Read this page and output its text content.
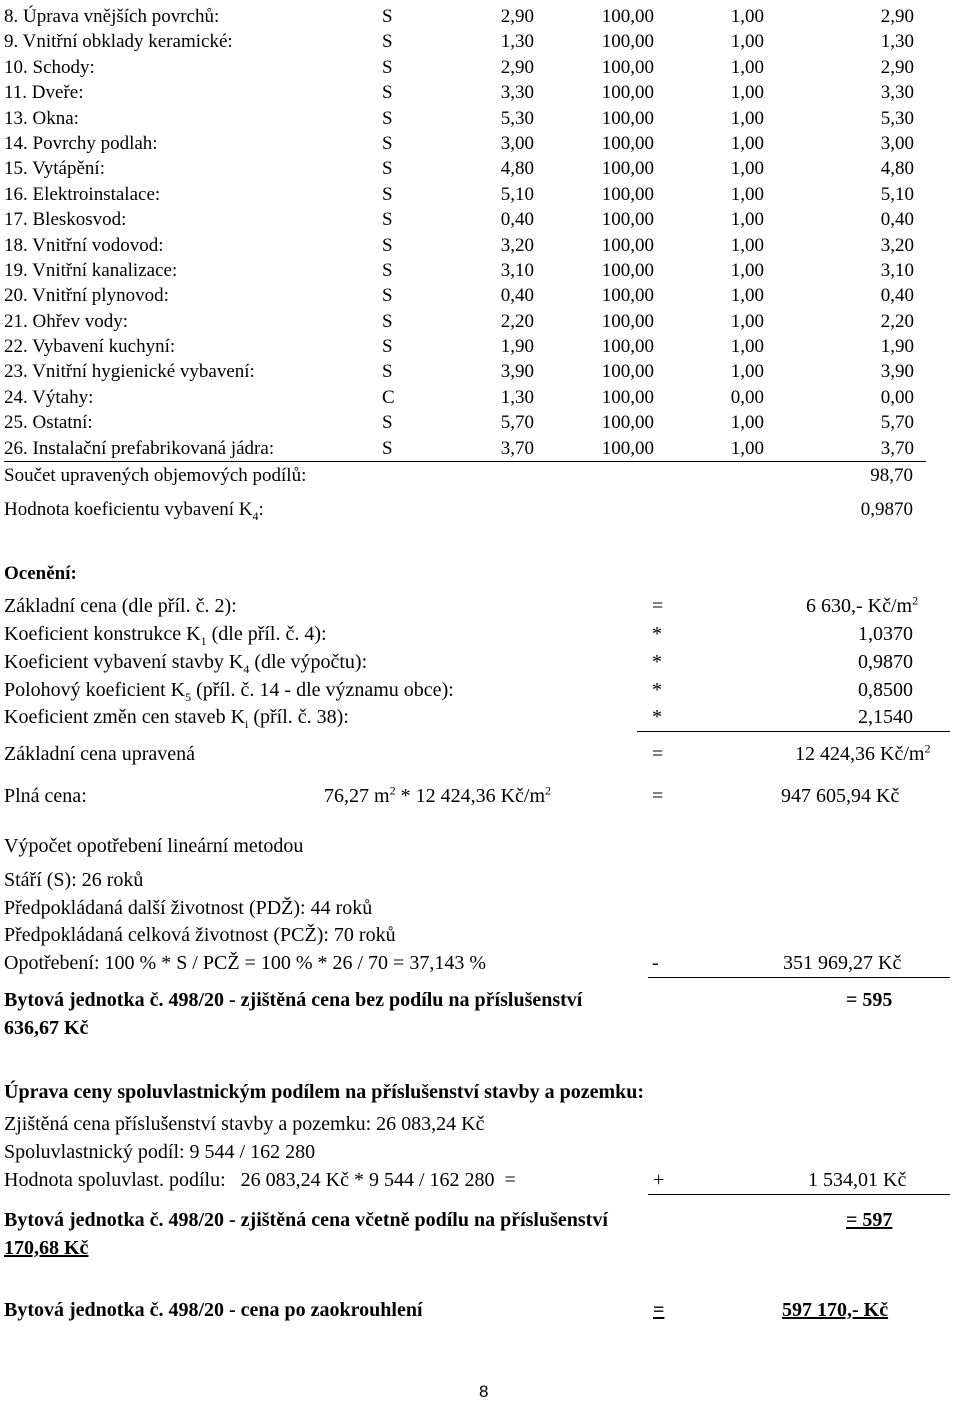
8. Úprava vnějších povrchů:	S	2,90	100,00	1,00	2,90
9. Vnitřní obklady keramické:	S	1,30	100,00	1,00	1,30
10. Schody:	S	2,90	100,00	1,00	2,90
11. Dveře:	S	3,30	100,00	1,00	3,30
13. Okna:	S	5,30	100,00	1,00	5,30
14. Povrchy podlah:	S	3,00	100,00	1,00	3,00
15. Vytápění:	S	4,80	100,00	1,00	4,80
16. Elektroinstalace:	S	5,10	100,00	1,00	5,10
17. Bleskosvod:	S	0,40	100,00	1,00	0,40
18. Vnitřní vodovod:	S	3,20	100,00	1,00	3,20
19. Vnitřní kanalizace:	S	3,10	100,00	1,00	3,10
20. Vnitřní plynovod:	S	0,40	100,00	1,00	0,40
21. Ohřev vody:	S	2,20	100,00	1,00	2,20
22. Vybavení kuchyní:	S	1,90	100,00	1,00	1,90
23. Vnitřní hygienické vybavení:	S	3,90	100,00	1,00	3,90
24. Výtahy:	C	1,30	100,00	0,00	0,00
25. Ostatní:	S	5,70	100,00	1,00	5,70
26. Instalační prefabrikovaná jádra:	S	3,70	100,00	1,00	3,70
Součet upravených objemových podílů:	98,70
Hodnota koeficientu vybavení $K_4$:	0,9870
Ocenění:
Základní cena (dle příl. č. 2):	=	6 630,- $Kč/m^2$
Koeficient konstrukce $K_1$ (dle příl. č. 4):	*	1,0370
Koeficient vybavení stavby $K_4$ (dle výpočtu):	*	0,9870
Polohový koeficient $K_5$ (příl. č. 14 - dle významu obce):	*	0,8500
Koeficient změn cen staveb $K_i$ (příl. č. 38):	*	2,1540
Základní cena upravená	=	12 424,36 $Kč/m^2$
Plná cena:	76,27 $m^2 * 12$ 424,36 $Kč/m^2$	=	947 605,94 Kč
Výpočet opotřebení lineární metodou
Stáří (S): 26 roků
Předpokládaná další životnost (PDŽ): 44 roků
Předpokládaná celková životnost (PCŽ): 70 roků
Opotřebení: 100 % * S / PCŽ = 100 % * 26 / 70 = 37,143 %	-	351 969,27 Kč
Bytová jednotka č. 498/20 - zjištěná cena bez podílu na příslušenství	= 595
636,67 Kč
Úprava ceny spoluvlastnickým podílem na příslušenství stavby a pozemku:
Zjištěná cena příslušenství stavby a pozemku: 26 083,24 Kč
Spoluvlastnický podíl: 9 544 / 162 280
Hodnota spoluvlast. podílu:   26 083,24 Kč * 9 544 / 162 280  =	+	1 534,01 Kč
Bytová jednotka č. 498/20 - zjištěná cena včetně podílu na příslušenství	= 597
170,68 Kč
Bytová jednotka č. 498/20 - cena po zaokrouhlení	=	597 170,- Kč
8
